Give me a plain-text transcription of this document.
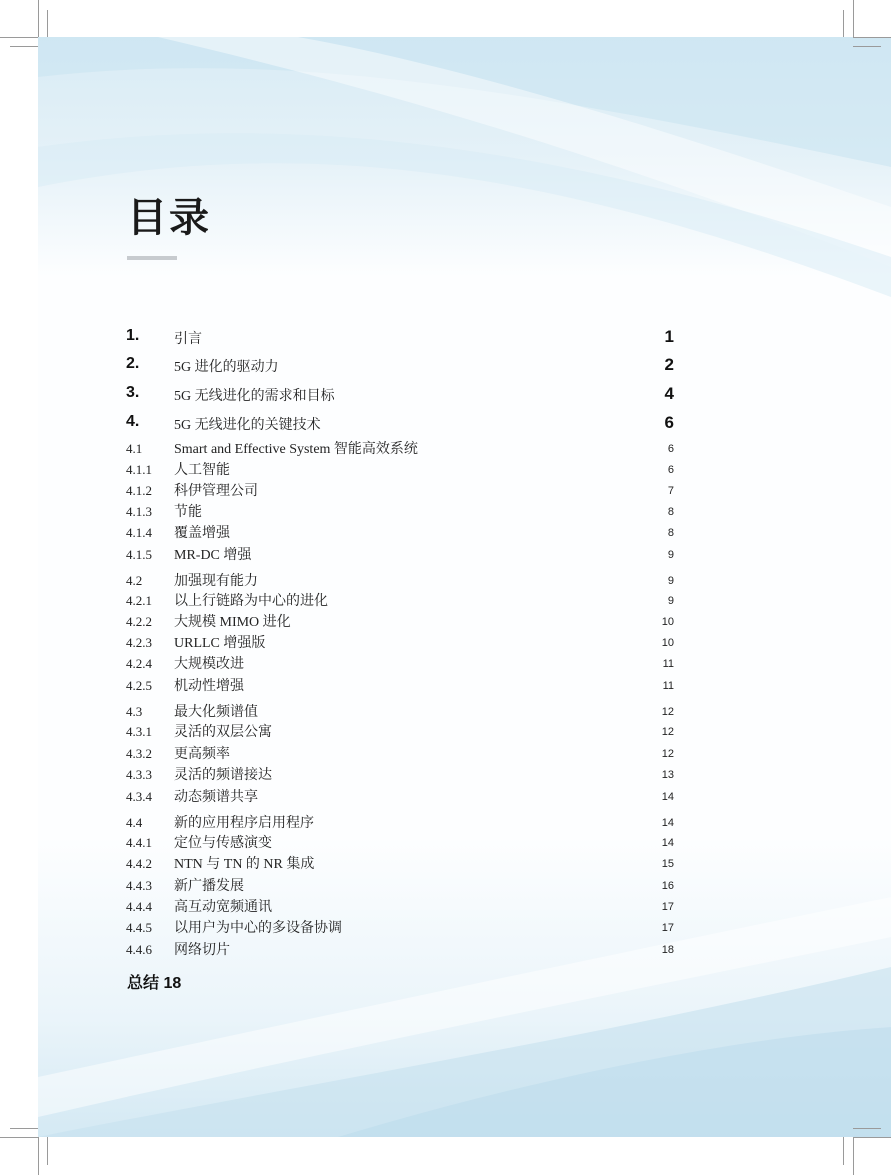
目录
1. 引言	1
2. 5G 进化的驱动力	2
3. 5G 无线进化的需求和目标	4
4. 5G 无线进化的关键技术	6
4.1 Smart and Effective System 智能高效系统	6
4.1.1 人工智能	6
4.1.2 科伊管理公司	7
4.1.3 节能	8
4.1.4 覆盖增强	8
4.1.5 MR-DC 增强	9
4.2 加强现有能力	9
4.2.1 以上行链路为中心的进化	9
4.2.2 大规模 MIMO 进化	10
4.2.3 URLLC 增强版	10
4.2.4 大规模改进	11
4.2.5 机动性增强	11
4.3 最大化频谱值	12
4.3.1 灵活的双层公寓	12
4.3.2 更高频率	12
4.3.3 灵活的频谱接达	13
4.3.4 动态频谱共享	14
4.4 新的应用程序启用程序	14
4.4.1 定位与传感演变	14
4.4.2 NTN 与 TN 的 NR 集成	15
4.4.3 新广播发展	16
4.4.4 高互动宽频通讯	17
4.4.5 以用户为中心的多设备协调	17
4.4.6 网络切片	18
总结 18
